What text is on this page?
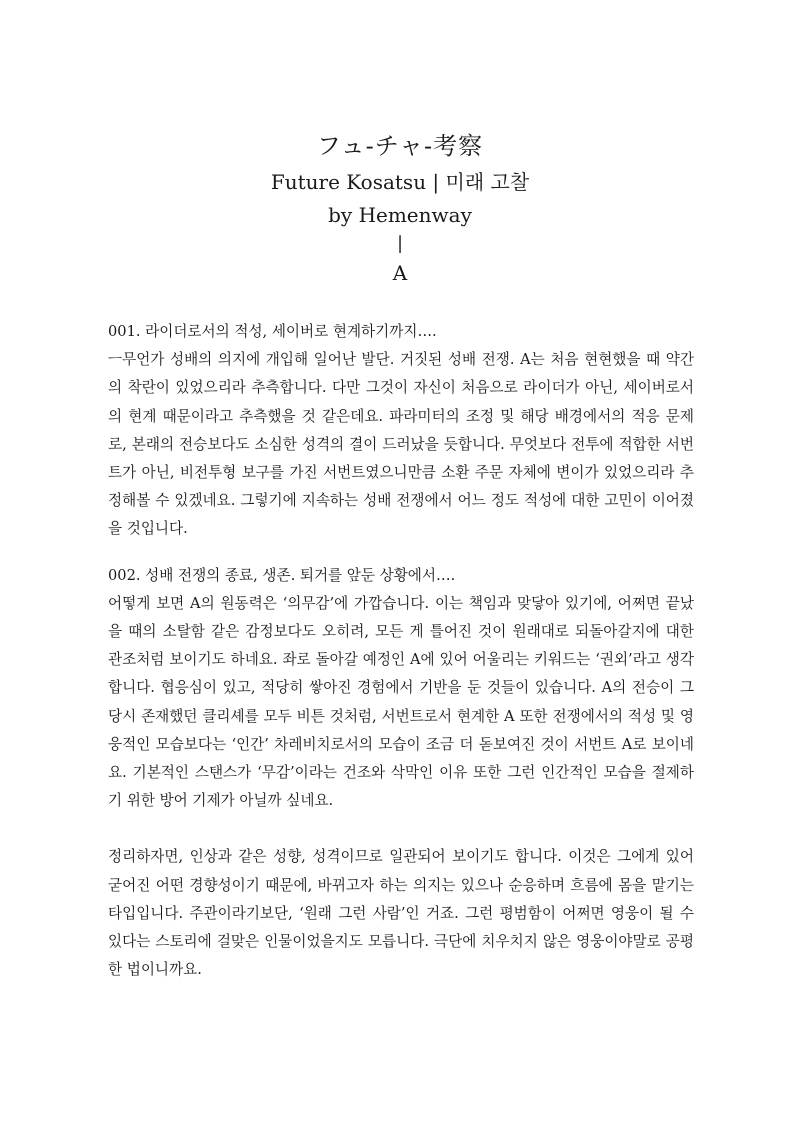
フュ-チャ-考察
Future Kosatsu | 미래 고찰
by Hemenway
|
A

001. 라이더로서의 적성, 세이버로 현계하기까지….

ㅡ무언가 성배의 의지에 개입해 일어난 발단. 거짓된 성배 전쟁. A는 처음 현현했을 때 약간의 착란이 있었으리라 추측합니다. 다만 그것이 자신이 처음으로 라이더가 아닌, 세이버로서의 현계 때문이라고 추측했을 것 같은데요. 파라미터의 조정 및 해당 배경에서의 적응 문제로, 본래의 전승보다도 소심한 성격의 결이 드러났을 듯합니다. 무엇보다 전투에 적합한 서번트가 아닌, 비전투형 보구를 가진 서번트였으니만큼 소환 주문 자체에 변이가 있었으리라 추정해볼 수 있겠네요. 그렇기에 지속하는 성배 전쟁에서 어느 정도 적성에 대한 고민이 이어졌을 것입니다.

002. 성배 전쟁의 종료, 생존. 퇴거를 앞둔 상황에서….

어떻게 보면 A의 원동력은 ‘의무감’에 가깝습니다. 이는 책임과 맞닿아 있기에, 어쩌면 끝났을 때의 소탈함 같은 감정보다도 오히려, 모든 게 틀어진 것이 원래대로 되돌아갈지에 대한 관조처럼 보이기도 하네요. 좌로 돌아갈 예정인 A에 있어 어울리는 키워드는 ‘권외’라고 생각합니다. 협응심이 있고, 적당히 쌓아진 경험에서 기반을 둔 것들이 있습니다. A의 전승이 그 당시 존재했던 클리셰를 모두 비튼 것처럼, 서번트로서 현계한 A 또한 전쟁에서의 적성 및 영웅적인 모습보다는 ‘인간’ 차레비치로서의 모습이 조금 더 돋보여진 것이 서번트 A로 보이네요. 기본적인 스탠스가 ‘무감’이라는 건조와 삭막인 이유 또한 그런 인간적인 모습을 절제하기 위한 방어 기제가 아닐까 싶네요.

정리하자면, 인상과 같은 성향, 성격이므로 일관되어 보이기도 합니다. 이것은 그에게 있어 굳어진 어떤 경향성이기 때문에, 바뀌고자 하는 의지는 있으나 순응하며 흐름에 몸을 맡기는 타입입니다. 주관이라기보단, ‘원래 그런 사람’인 거죠. 그런 평범함이 어쩌면 영웅이 될 수 있다는 스토리에 걸맞은 인물이었을지도 모릅니다. 극단에 치우치지 않은 영웅이야말로 공평한 법이니까요.
